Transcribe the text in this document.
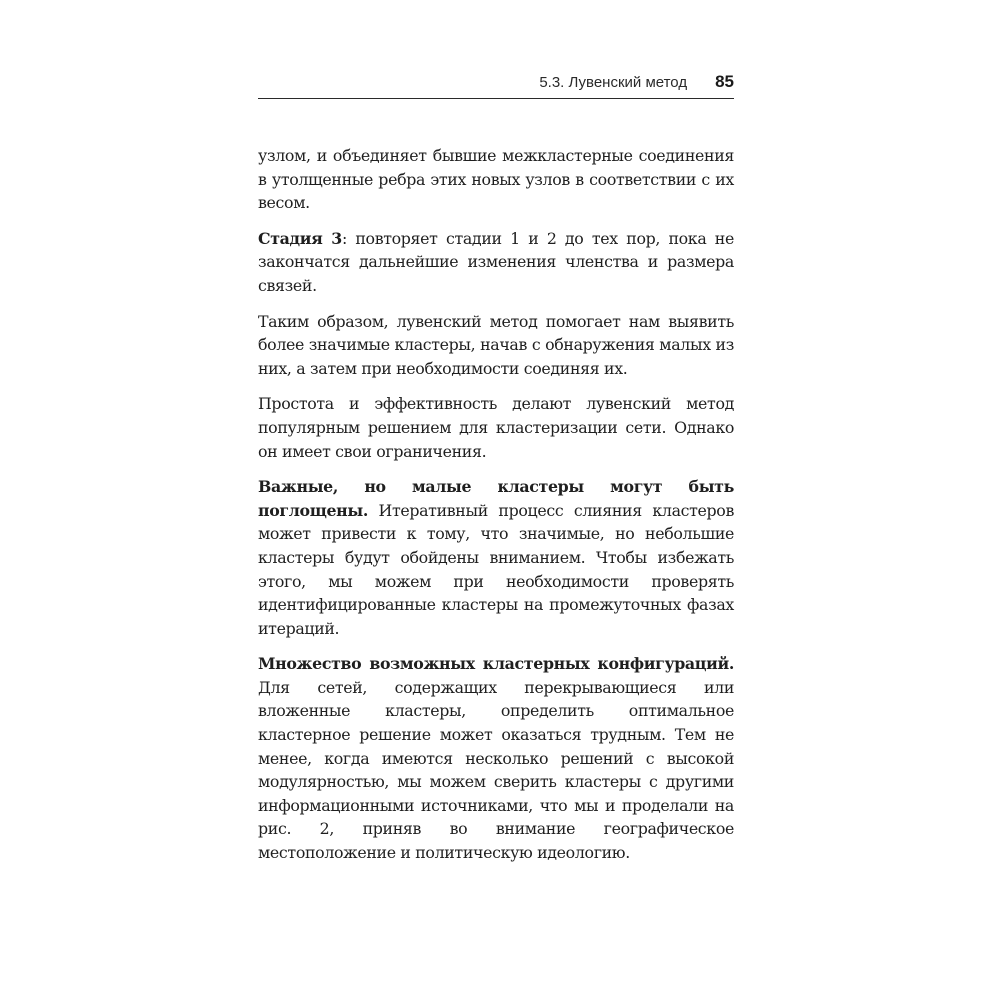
5.3. Лувенский метод 85

узлом, и объединяет бывшие межкластерные соединения в утолщенные ребра этих новых узлов в соответствии с их весом.

Стадия 3: повторяет стадии 1 и 2 до тех пор, пока не закончатся дальнейшие изменения членства и размера связей.

Таким образом, лувенский метод помогает нам выявить более значимые кластеры, начав с обнаружения малых из них, а затем при необходимости соединяя их.

Простота и эффективность делают лувенский метод популярным решением для кластеризации сети. Однако он имеет свои ограничения.

Важные, но малые кластеры могут быть поглощены. Итеративный процесс слияния кластеров может привести к тому, что значимые, но небольшие кластеры будут обойдены вниманием. Чтобы избежать этого, мы можем при необходимости проверять идентифицированные кластеры на промежуточных фазах итераций.

Множество возможных кластерных конфигураций. Для сетей, содержащих перекрывающиеся или вложенные кластеры, определить оптимальное кластерное решение может оказаться трудным. Тем не менее, когда имеются несколько решений с высокой модулярностью, мы можем сверить кластеры с другими информационными источниками, что мы и проделали на рис. 2, приняв во внимание географическое местоположение и политическую идеологию.
